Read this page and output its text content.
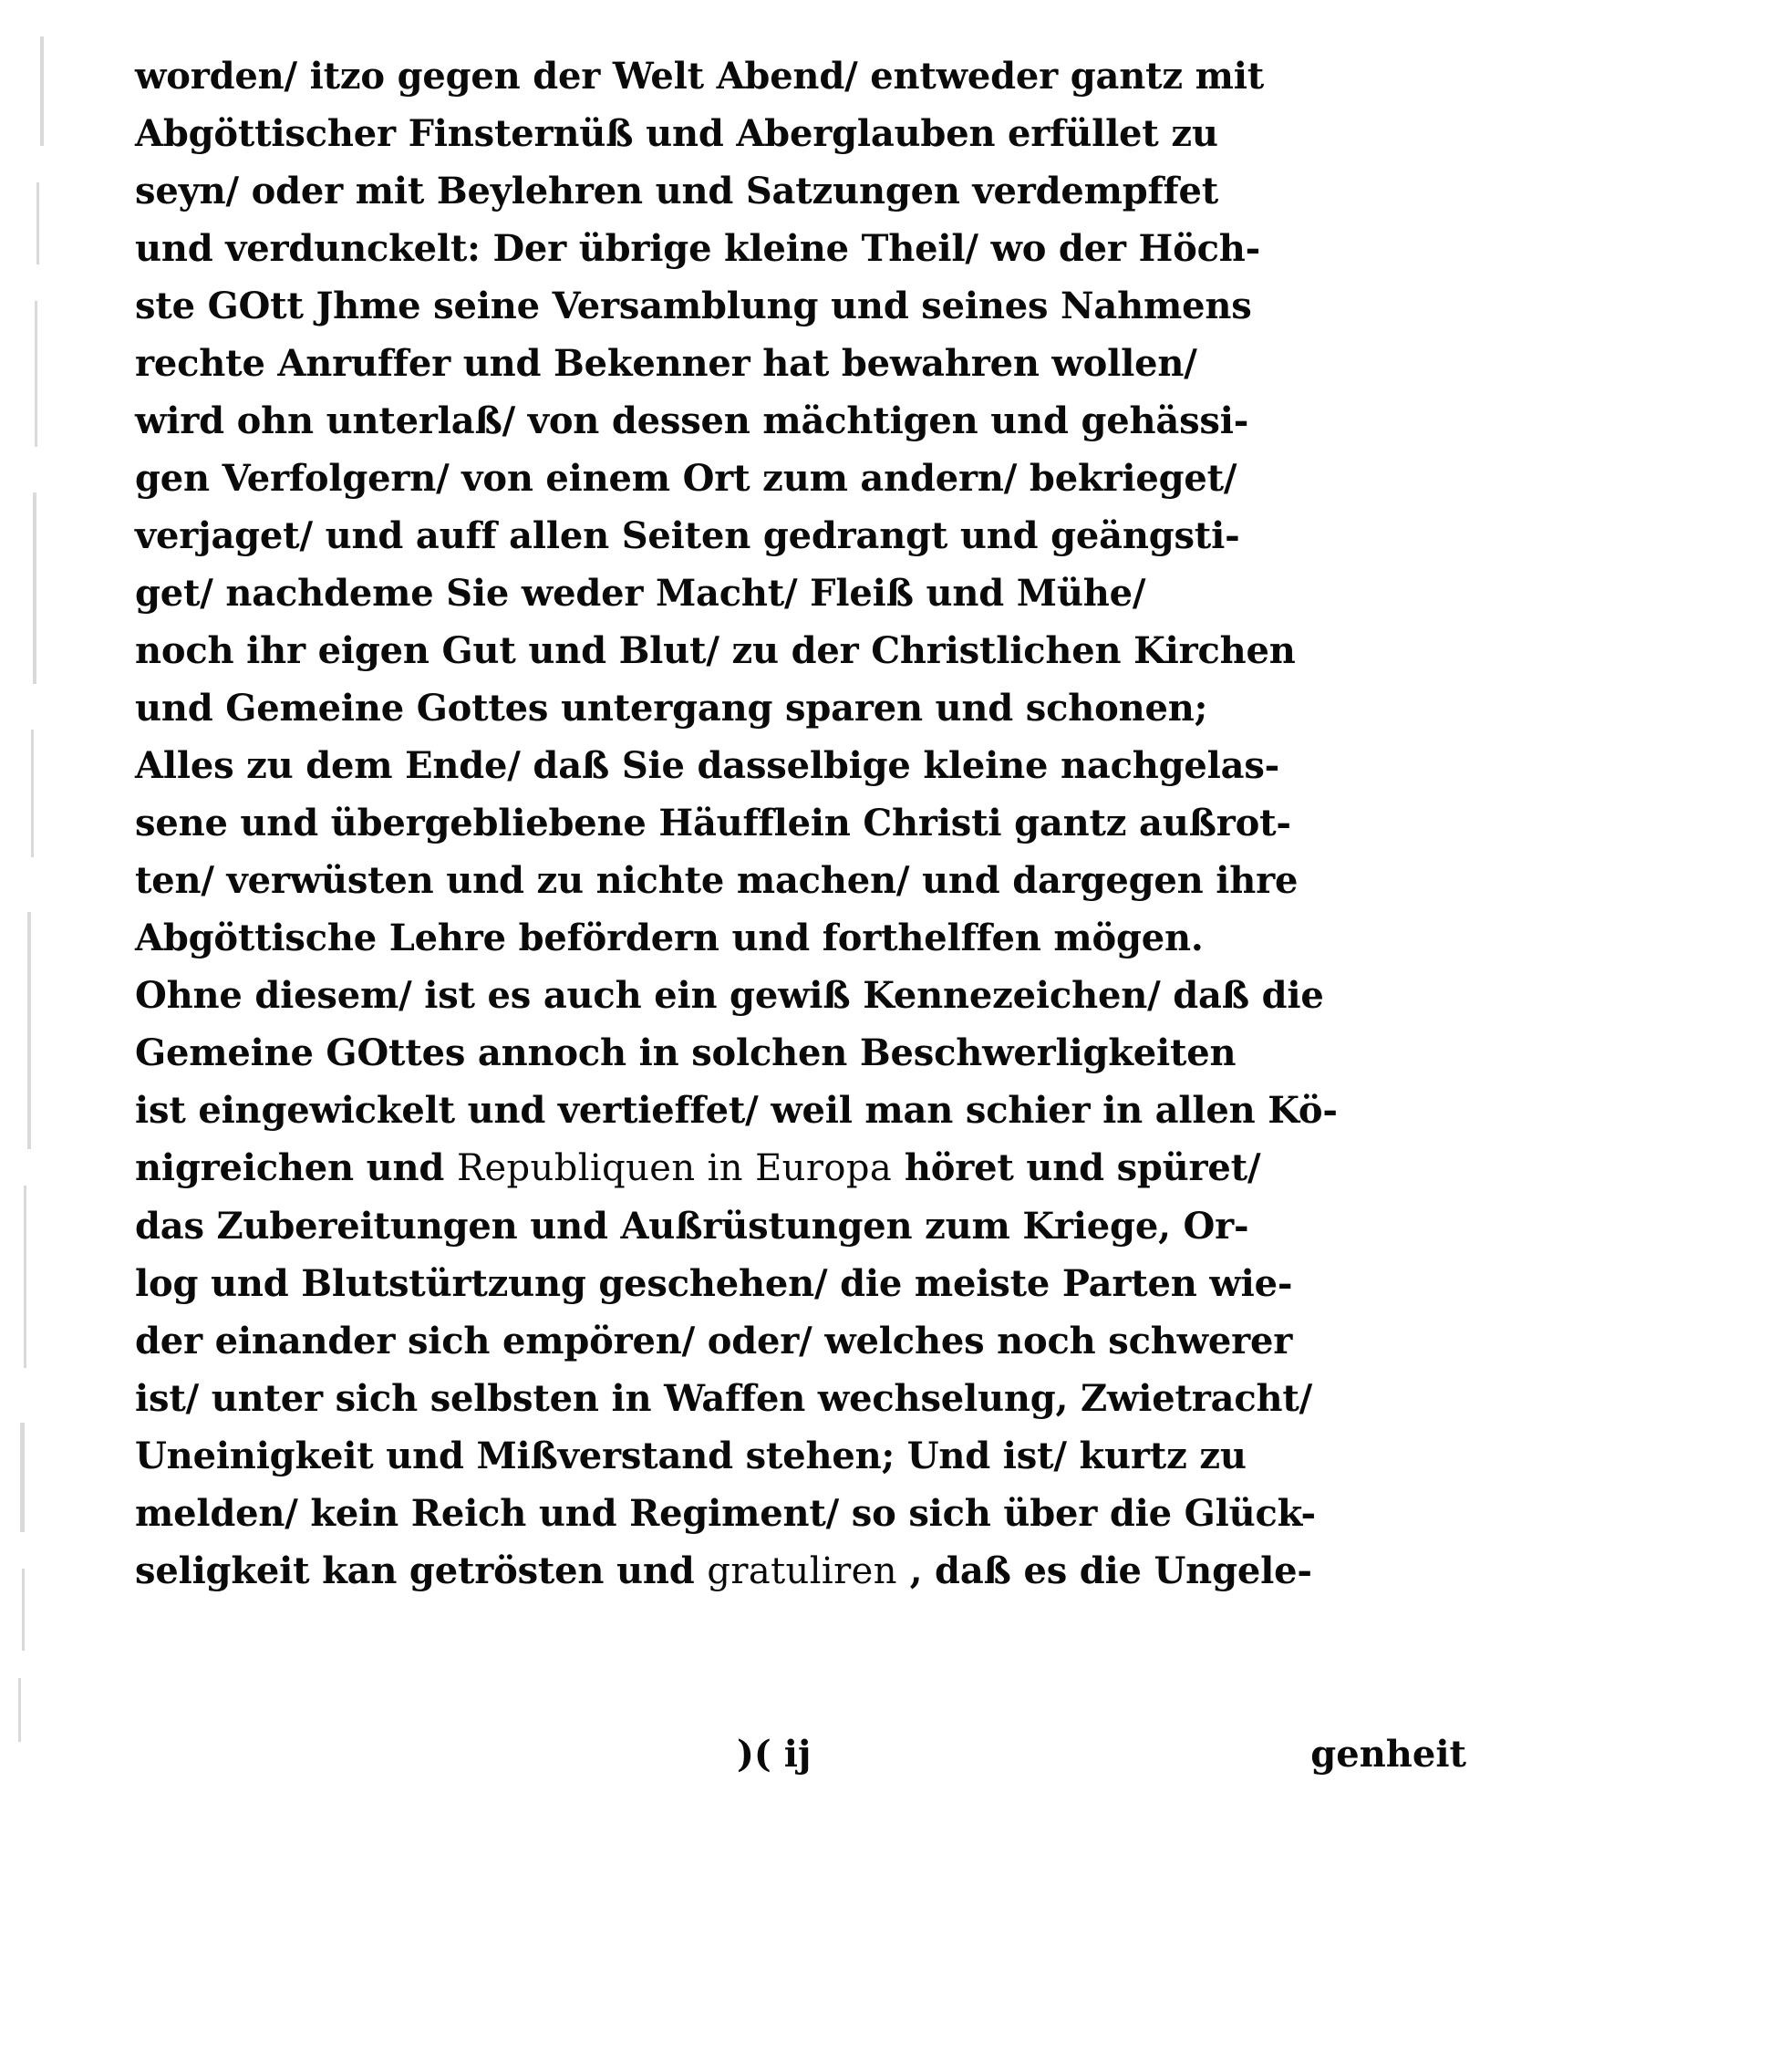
worden/ itzo gegen der Welt Abend/ entweder gantz mit
Abgöttischer Finsternüß und Aberglauben erfüllet zu
seyn/ oder mit Beylehren und Satzungen verdempffet
und verdunckelt: Der übrige kleine Theil/ wo der Höch-
ste GOtt Jhme seine Versamblung und seines Nahmens
rechte Anruffer und Bekenner hat bewahren wollen/
wird ohn unterlaß/ von dessen mächtigen und gehässi-
gen Verfolgern/ von einem Ort zum andern/ bekrieget/
verjaget/ und auff allen Seiten gedrangt und geängsti-
get/ nachdeme Sie weder Macht/ Fleiß und Mühe/
noch ihr eigen Gut und Blut/ zu der Christlichen Kirchen
und Gemeine Gottes untergang sparen und schonen;
Alles zu dem Ende/ daß Sie dasselbige kleine nachgelas-
sene und übergebliebene Häufflein Christi gantz außrot-
ten/ verwüsten und zu nichte machen/ und dargegen ihre
Abgöttische Lehre befördern und forthelffen mögen.
Ohne diesem/ ist es auch ein gewiß Kennezeichen/ daß die
Gemeine GOttes annoch in solchen Beschwerligkeiten
ist eingewickelt und vertieffet/ weil man schier in allen Kö-
nigreichen und Republiquen in Europa höret und spüret/
das Zubereitungen und Außrüstungen zum Kriege, Or-
log und Blutstürtzung geschehen/ die meiste Parten wie-
der einander sich empören/ oder/ welches noch schwerer
ist/ unter sich selbsten in Waffen wechselung, Zwietracht/
Uneinigkeit und Mißverstand stehen; Und ist/ kurtz zu
melden/ kein Reich und Regiment/ so sich über die Glück-
seligkeit kan getrösten und gratuliren , daß es die Ungele-
)( ij	genheit
